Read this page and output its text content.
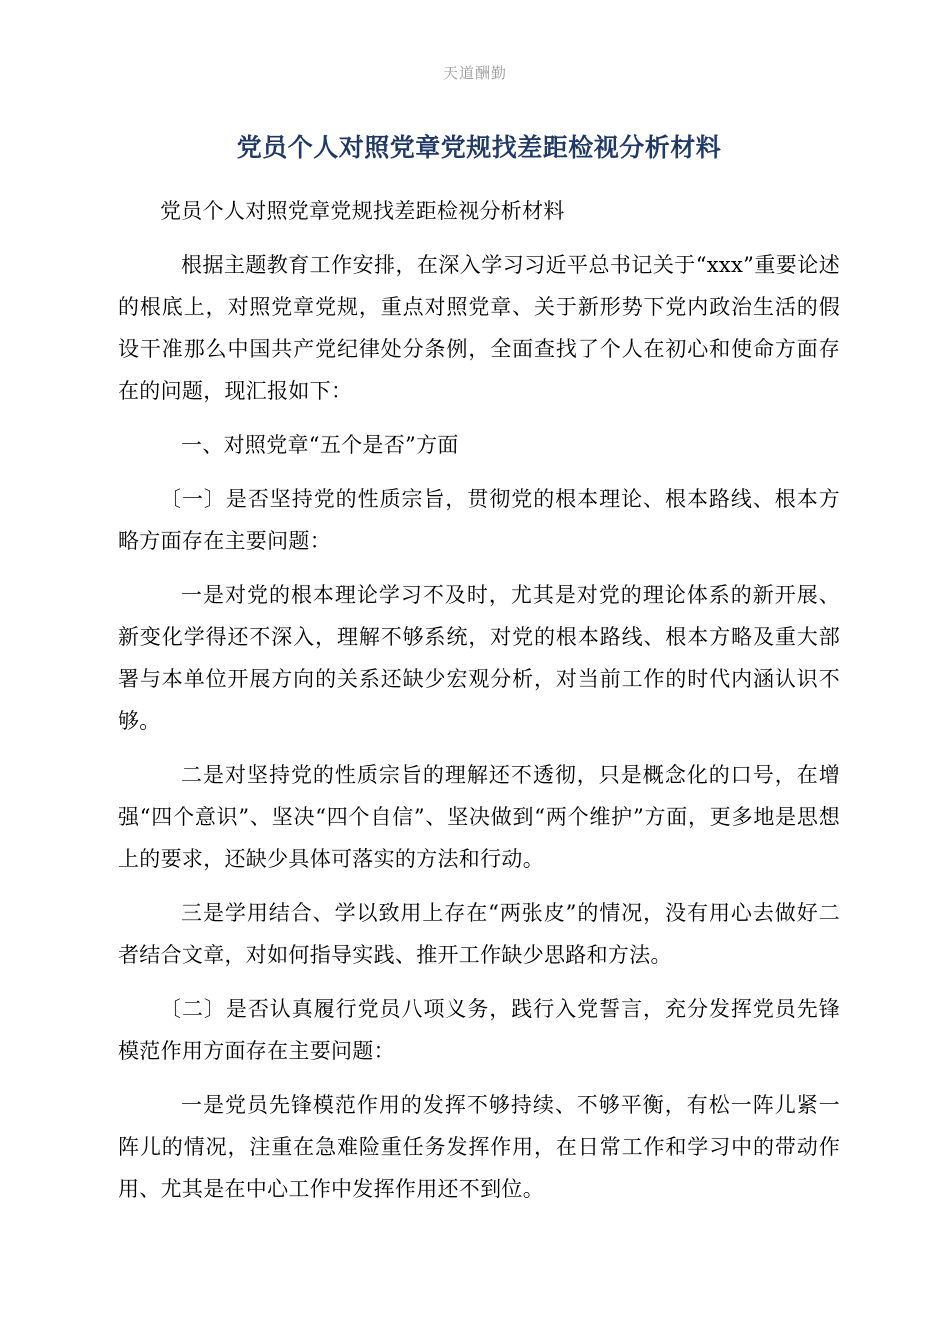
天道酬勤
党员个人对照党章党规找差距检视分析材料

党员个人对照党章党规找差距检视分析材料

根据主题教育工作安排，在深入学习习近平总书记关于“xxx”重要论述的根底上，对照党章党规，重点对照党章、关于新形势下党内政治生活的假设干准那么中国共产党纪律处分条例，全面查找了个人在初心和使命方面存在的问题，现汇报如下：

一、对照党章“五个是否”方面

〔一〕是否坚持党的性质宗旨，贯彻党的根本理论、根本路线、根本方略方面存在主要问题：

一是对党的根本理论学习不及时，尤其是对党的理论体系的新开展、新变化学得还不深入，理解不够系统，对党的根本路线、根本方略及重大部署与本单位开展方向的关系还缺少宏观分析，对当前工作的时代内涵认识不够。

二是对坚持党的性质宗旨的理解还不透彻，只是概念化的口号，在增强“四个意识”、坚决“四个自信”、坚决做到“两个维护”方面，更多地是思想上的要求，还缺少具体可落实的方法和行动。

三是学用结合、学以致用上存在“两张皮”的情况，没有用心去做好二者结合文章，对如何指导实践、推开工作缺少思路和方法。

〔二〕是否认真履行党员八项义务，践行入党誓言，充分发挥党员先锋模范作用方面存在主要问题：

一是党员先锋模范作用的发挥不够持续、不够平衡，有松一阵儿紧一阵儿的情况，注重在急难险重任务发挥作用，在日常工作和学习中的带动作用、尤其是在中心工作中发挥作用还不到位。
